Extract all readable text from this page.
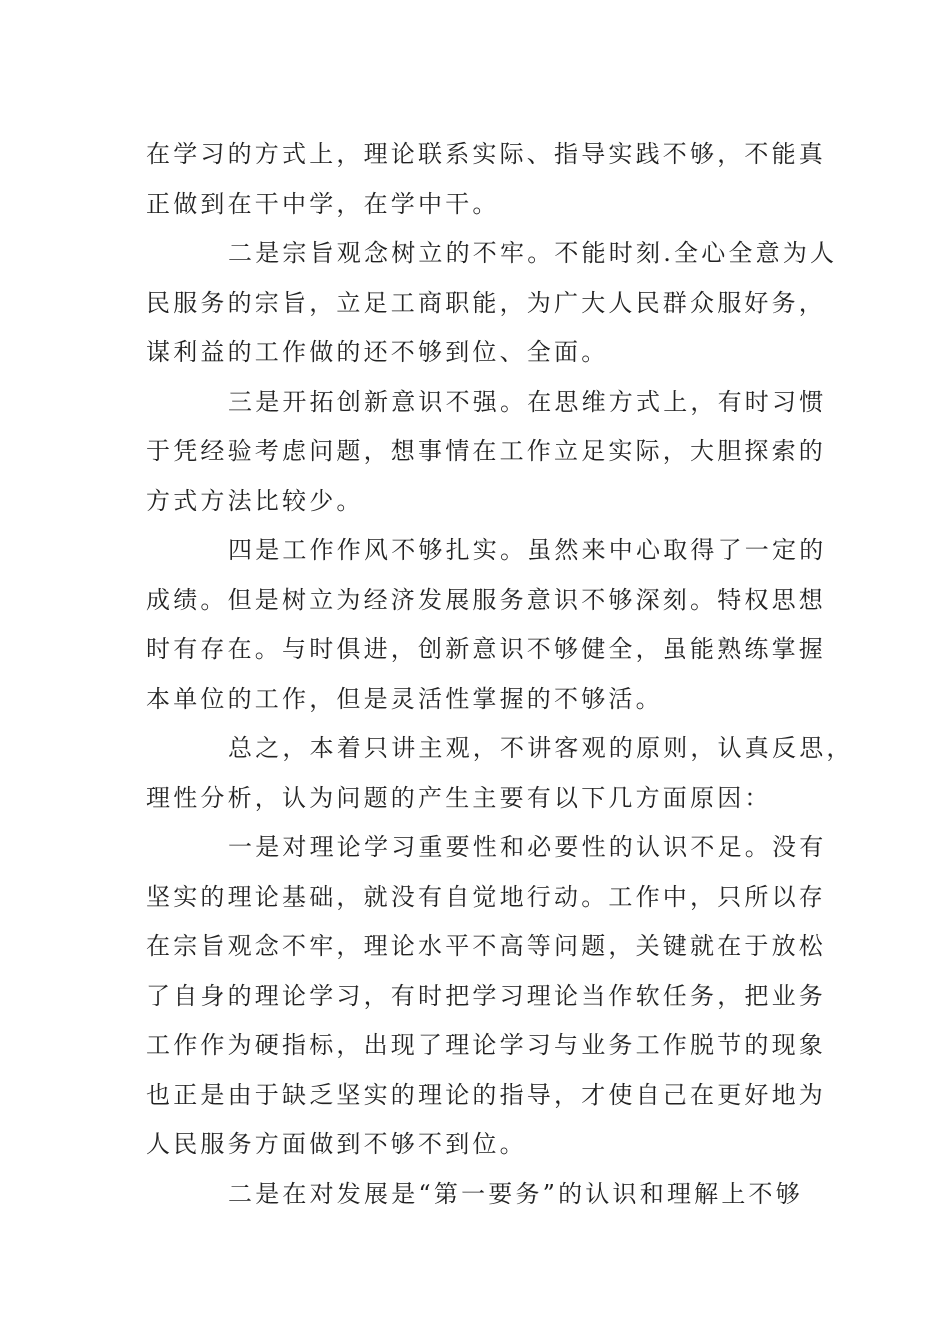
在学习的方式上，理论联系实际、指导实践不够，不能真
正做到在干中学，在学中干。
二是宗旨观念树立的不牢。不能时刻.全心全意为人
民服务的宗旨，立足工商职能，为广大人民群众服好务，
谋利益的工作做的还不够到位、全面。
三是开拓创新意识不强。在思维方式上，有时习惯
于凭经验考虑问题，想事情在工作立足实际，大胆探索的
方式方法比较少。
四是工作作风不够扎实。虽然来中心取得了一定的
成绩。但是树立为经济发展服务意识不够深刻。特权思想
时有存在。与时俱进，创新意识不够健全，虽能熟练掌握
本单位的工作，但是灵活性掌握的不够活。
总之，本着只讲主观，不讲客观的原则，认真反思，
理性分析，认为问题的产生主要有以下几方面原因：
一是对理论学习重要性和必要性的认识不足。没有
坚实的理论基础，就没有自觉地行动。工作中，只所以存
在宗旨观念不牢，理论水平不高等问题，关键就在于放松
了自身的理论学习，有时把学习理论当作软任务，把业务
工作作为硬指标，出现了理论学习与业务工作脱节的现象
也正是由于缺乏坚实的理论的指导，才使自己在更好地为
人民服务方面做到不够不到位。
二是在对发展是“第一要务”的认识和理解上不够
